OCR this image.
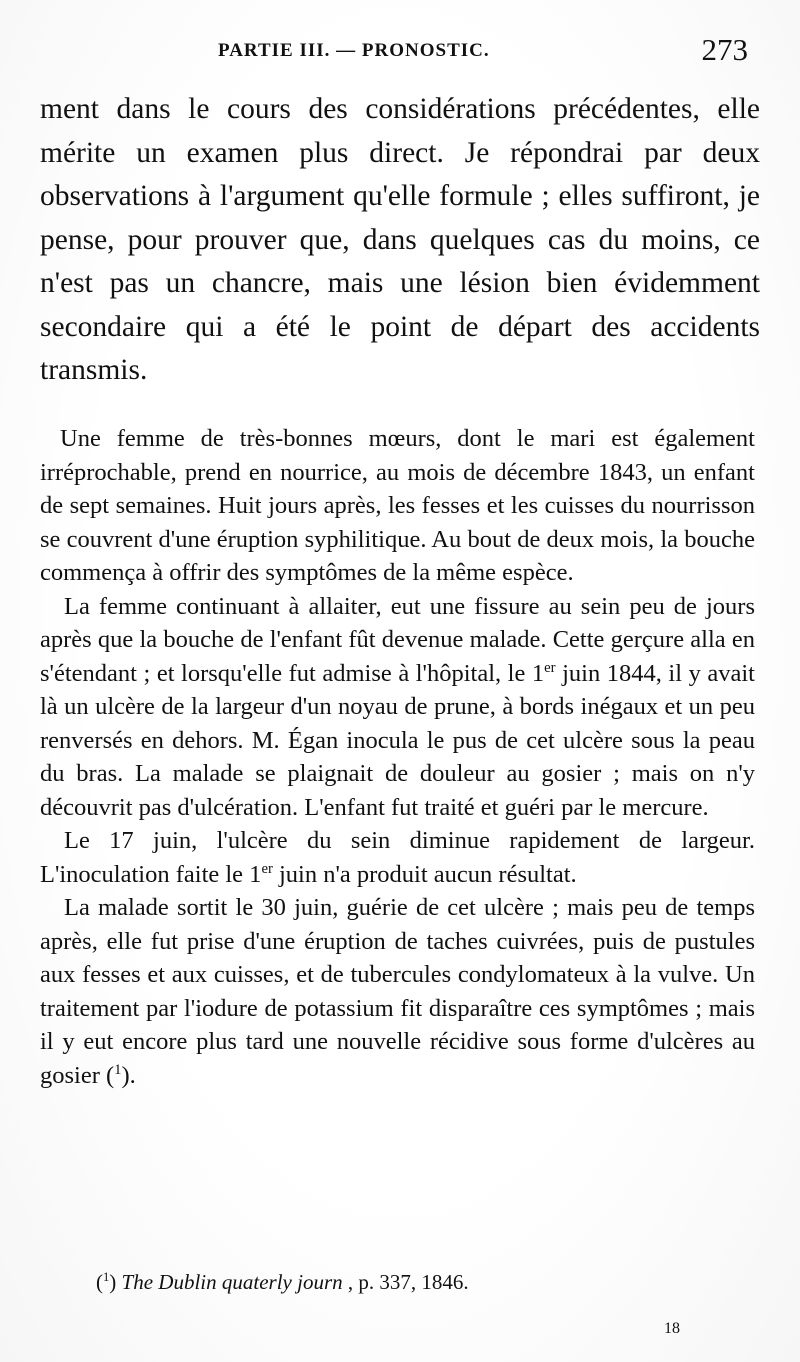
PARTIE III. — PRONOSTIC.	273

ment dans le cours des considérations précédentes, elle mérite un examen plus direct. Je répondrai par deux observations à l'argument qu'elle formule ; elles suffiront, je pense, pour prouver que, dans quelques cas du moins, ce n'est pas un chancre, mais une lésion bien évidemment secondaire qui a été le point de départ des accidents transmis.

Une femme de très-bonnes mœurs, dont le mari est également irréprochable, prend en nourrice, au mois de décembre 1843, un enfant de sept semaines. Huit jours après, les fesses et les cuisses du nourrisson se couvrent d'une éruption syphilitique. Au bout de deux mois, la bouche commença à offrir des symptômes de la même espèce.

La femme continuant à allaiter, eut une fissure au sein peu de jours après que la bouche de l'enfant fût devenue malade. Cette gerçure alla en s'étendant ; et lorsqu'elle fut admise à l'hôpital, le 1er juin 1844, il y avait là un ulcère de la largeur d'un noyau de prune, à bords inégaux et un peu renversés en dehors. M. Égan inocula le pus de cet ulcère sous la peau du bras. La malade se plaignait de douleur au gosier ; mais on n'y découvrit pas d'ulcération. L'enfant fut traité et guéri par le mercure.

Le 17 juin, l'ulcère du sein diminue rapidement de largeur. L'inoculation faite le 1er juin n'a produit aucun résultat.

La malade sortit le 30 juin, guérie de cet ulcère ; mais peu de temps après, elle fut prise d'une éruption de taches cuivrées, puis de pustules aux fesses et aux cuisses, et de tubercules condylomateux à la vulve. Un traitement par l'iodure de potassium fit disparaître ces symptômes ; mais il y eut encore plus tard une nouvelle récidive sous forme d'ulcères au gosier ($^1$).

($^1$) The Dublin quaterly journ , p. 337, 1846.
18
